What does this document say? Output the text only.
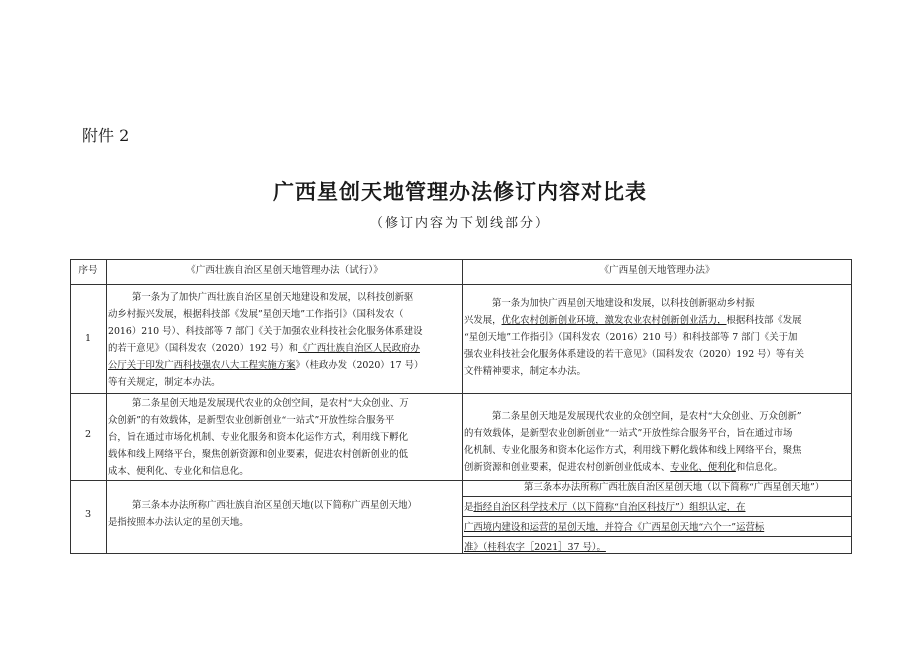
附件 2
广西星创天地管理办法修订内容对比表
（修订内容为下划线部分）
序号	《广西壮族自治区星创天地管理办法（试行）》	《广西星创天地管理办法》
1
第一条为了加快广西壮族自治区星创天地建设和发展，以科技创新驱
动乡村振兴发展，根据科技部《发展”星创天地”工作指引》（国科发农（
2016）210 号）、科技部等 7 部门《关于加强农业科技社会化服务体系建设
的若干意见》（国科发农（2020）192 号）和《广西壮族自治区人民政府办
公厅关于印发广西科技强农八大工程实施方案》（桂政办发（2020）17 号）
等有关规定，制定本办法。
第一条为加快广西星创天地建设和发展，以科技创新驱动乡村振
兴发展，优化农村创新创业环境，激发农业农村创新创业活力，根据科技部《发展
“星创天地”工作指引》（国科发农（2016）210 号）和科技部等 7 部门《关于加
强农业科技社会化服务体系建设的若干意见》（国科发农（2020）192 号）等有关
文件精神要求，制定本办法。
2
第二条星创天地是发展现代农业的众创空间，是农村“大众创业、万
众创新”的有效载体，是新型农业创新创业“一站式”开放性综合服务平
台，旨在通过市场化机制、专业化服务和资本化运作方式，利用线下孵化
载体和线上网络平台，聚焦创新资源和创业要素，促进农村创新创业的低
成本、便利化、专业化和信息化。
第二条星创天地是发展现代农业的众创空间，是农村“大众创业、万众创新”
的有效载体，是新型农业创新创业“一站式”开放性综合服务平台，旨在通过市场
化机制、专业化服务和资本化运作方式，利用线下孵化载体和线上网络平台，聚焦
创新资源和创业要素，促进农村创新创业低成本、专业化、便利化和信息化。
3
第三条本办法所称广西壮族自治区星创天地(以下简称广西星创天地）
是指按照本办法认定的星创天地。
第三条本办法所称广西壮族自治区星创天地（以下简称“广西星创天地”）
是指经自治区科学技术厅（以下简称“自治区科技厅”）组织认定，在
广西境内建设和运营的星创天地，并符合《广西星创天地“六个一”运营标
准》（桂科农字［2021］37 号）。
